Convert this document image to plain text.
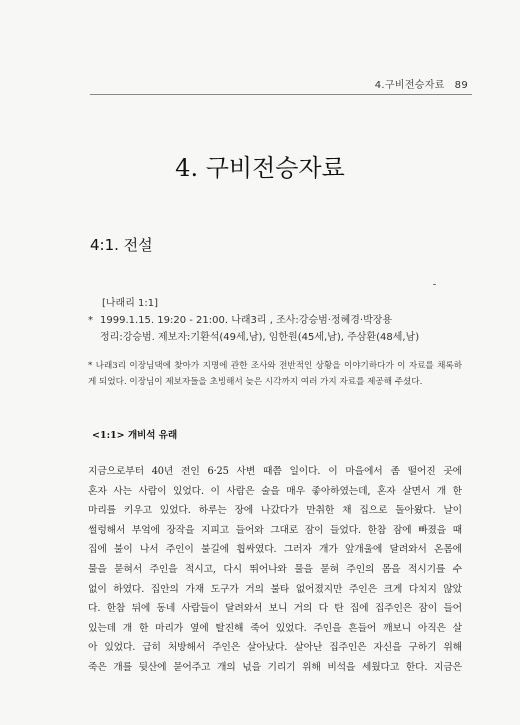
4.구비전승자료 89
4. 구비전승자료
4:1. 전설
[나래리 1:1]
* 1999.1.15. 19:20 - 21:00. 나래3리 , 조사:강승범·정혜경·박장용
정리:강승범. 제보자:기환석(49세,남), 임한원(45세,남), 주삼환(48세,남)
* 나래3리 이장님댁에 찾아가 지명에 관한 조사와 전반적인 상황을 이야기하다가 이 자료를 채록하게 되었다. 이장님이 제보자들을 초빙해서 늦은 시각까지 여러 가지 자료를 제공해 주셨다.
<1:1> 개비석 유래
지금으로부터 40년 전인 6·25 사변 때쯤 일이다. 이 마을에서 좀 떨어진 곳에
혼자 사는 사람이 있었다. 이 사람은 술을 매우 좋아하였는데, 혼자 살면서 개 한
마리를 키우고 있었다. 하루는 장에 나갔다가 만취한 채 집으로 돌아왔다. 날이
썰렁해서 부엌에 장작을 지피고 들어와 그대로 잠이 들었다. 한참 잠에 빠졌을 때
집에 불이 나서 주인이 불길에 휩싸였다. 그러자 개가 앞개울에 달려와서 온몸에
물을 묻혀서 주인을 적시고, 다시 뛰어나와 물을 묻혀 주인의 몸을 적시기를 수
없이 하였다. 집안의 가재 도구가 거의 불타 없어졌지만 주인은 크게 다치지 않았
다. 한참 뒤에 동네 사람들이 달려와서 보니 거의 다 탄 집에 집주인은 잠이 들어
있는데 개 한 마리가 옆에 탈진해 죽어 있었다. 주인을 흔들어 깨보니 아직은 살
아 있었다. 급히 처방해서 주인은 살아났다. 살아난 집주인은 자신을 구하기 위해
죽은 개를 뒷산에 묻어주고 개의 넋을 기리기 위해 비석을 세웠다고 한다. 지금은
